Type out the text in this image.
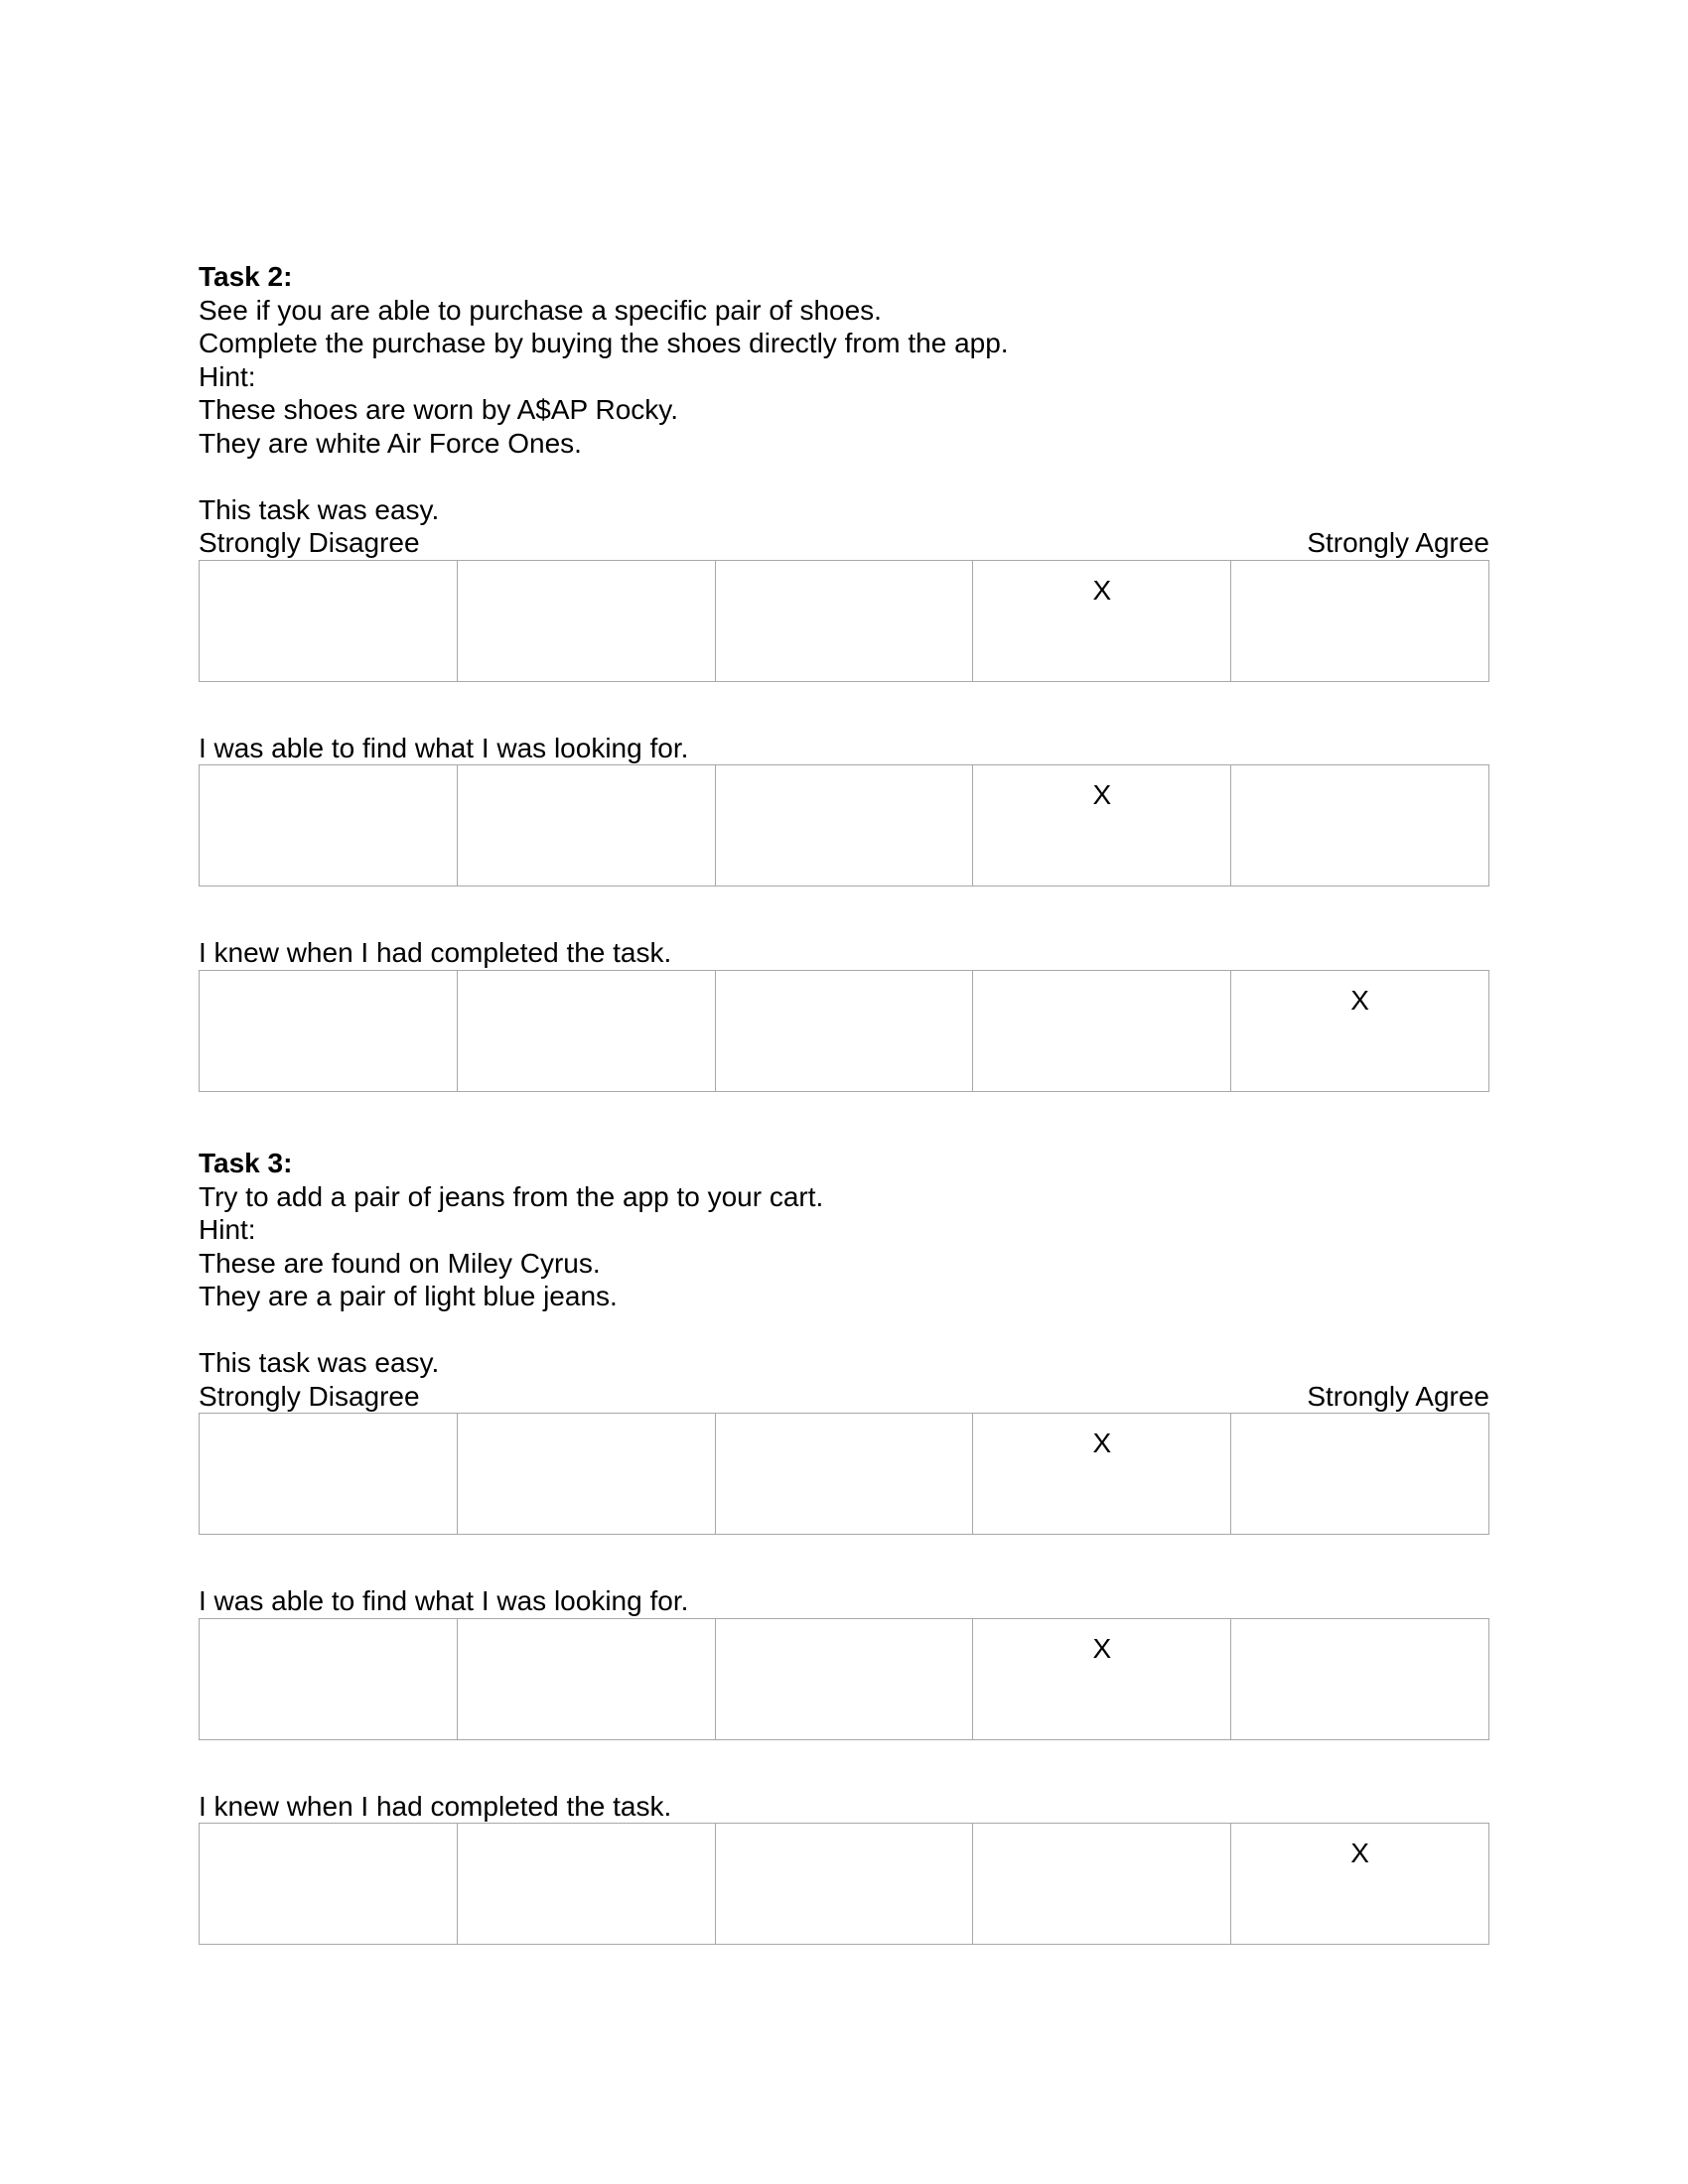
Task 2:
See if you are able to purchase a specific pair of shoes.
Complete the purchase by buying the shoes directly from the app.
Hint:
These shoes are worn by A$AP Rocky.
They are white Air Force Ones.
This task was easy.
Strongly Disagree	Strongly Agree
X
I was able to find what I was looking for.
X
I knew when I had completed the task.
X
Task 3:
Try to add a pair of jeans from the app to your cart.
Hint:
These are found on Miley Cyrus.
They are a pair of light blue jeans.
This task was easy.
Strongly Disagree	Strongly Agree
X
I was able to find what I was looking for.
X
I knew when I had completed the task.
X
